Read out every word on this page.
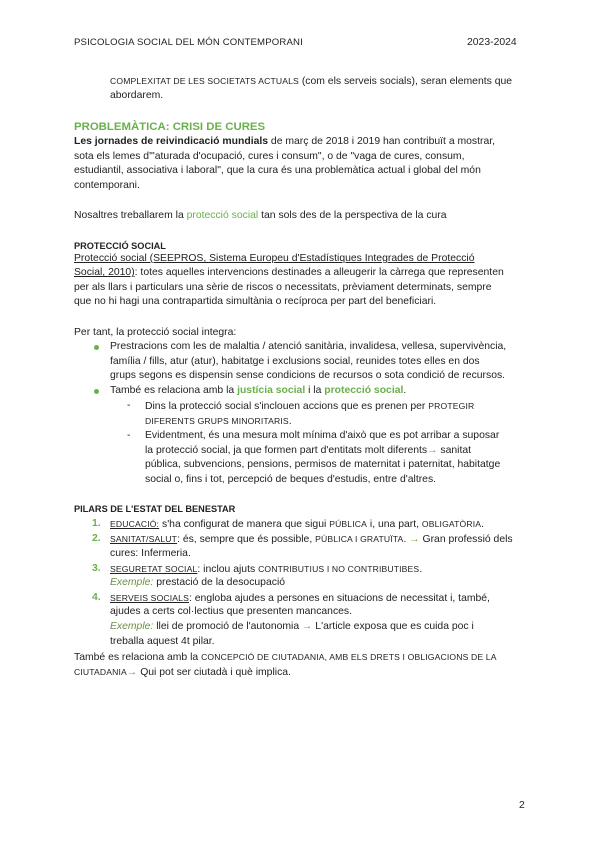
PSICOLOGIA SOCIAL DEL MÓN CONTEMPORANI	2023-2024
COMPLEXITAT DE LES SOCIETATS ACTUALS (com els serveis socials), seran elements que
abordarem.
PROBLEMÀTICA: CRISI DE CURES
Les jornades de reivindicació mundials de març de 2018 i 2019 han contribuït a mostrar,
sota els lemes d'"aturada d'ocupació, cures i consum", o de "vaga de cures, consum,
estudiantil, associativa i laboral", que la cura és una problemàtica actual i global del món
contemporani.
Nosaltres treballarem la protecció social tan sols des de la perspectiva de la cura
PROTECCIÓ SOCIAL
Protecció social (SEEPROS, Sistema Europeu d'Estadístiques Integrades de Protecció
Social, 2010): totes aquelles intervencions destinades a alleugerir la càrrega que representen
per als llars i particulars una sèrie de riscos o necessitats, prèviament determinats, sempre
que no hi hagi una contrapartida simultània o recíproca per part del beneficiari.
Per tant, la protecció social integra:
Prestracions com les de malaltia / atenció sanitària, invalidesa, vellesa, supervivència,
família / fills, atur (atur), habitatge i exclusions social, reunides totes elles en dos
grups segons es dispensin sense condicions de recursos o sota condició de recursos.
També es relaciona amb la justícia social i la protecció social.
- Dins la protecció social s'inclouen accions que es prenen per PROTEGIR
DIFERENTS GRUPS MINORITARIS.
- Evidentment, és una mesura molt mínima d'això que es pot arribar a suposar
la protecció social, ja que formen part d'entitats molt diferents→ sanitat
pública, subvencions, pensions, permisos de maternitat i paternitat, habitatge
social o, fins i tot, percepció de beques d'estudis, entre d'altres.
PILARS DE L'ESTAT DEL BENESTAR
1. EDUCACIÓ: s'ha configurat de manera que sigui PÚBLICA i, una part, OBLIGATÒRIA.
2. SANITAT/SALUT: és, sempre que és possible, PÚBLICA I GRATUÏTA. → Gran professió dels
cures: Infermeria.
3. SEGURETAT SOCIAL: inclou ajuts CONTRIBUTIUS I NO CONTRIBUTIBES.
Exemple: prestació de la desocupació
4. SERVEIS SOCIALS: engloba ajudes a persones en situacions de necessitat i, també,
ajudes a certs col·lectius que presenten mancances.
Exemple: llei de promoció de l'autonomia → L'article exposa que es cuida poc i
treballa aquest 4t pilar.
També es relaciona amb la CONCEPCIÓ DE CIUTADANIA, AMB ELS DRETS I OBLIGACIONS DE LA
CIUTADANIA→ Qui pot ser ciutadà i què implica.
2
